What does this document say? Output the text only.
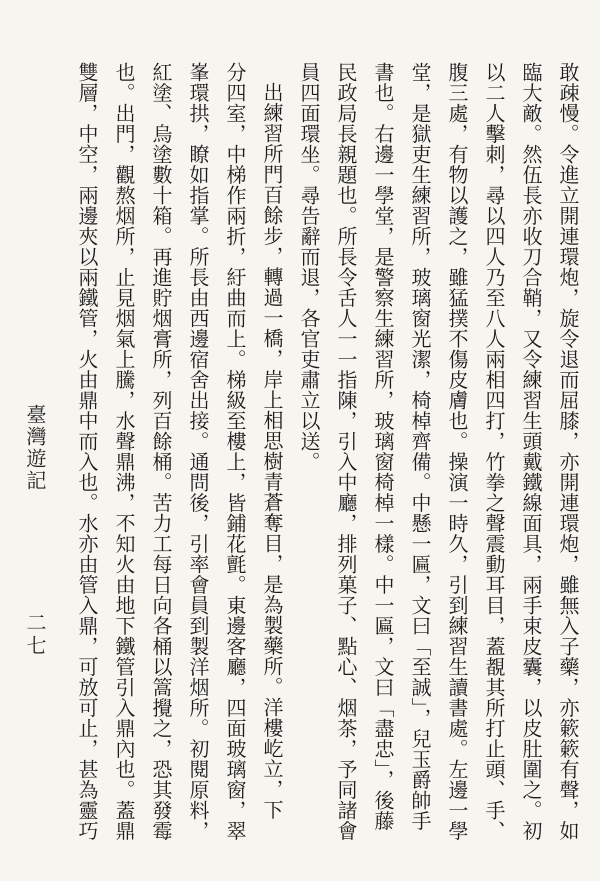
敢疎慢。令進立開連環炮，旋令退而屈膝，亦開連環炮，雖無入子藥，亦簌簌有聲，如
臨大敵。然伍長亦收刀合鞘，又令練習生頭戴鐵線面具，兩手束皮囊，以皮肚圍之。初
以二人擊刺，尋以四人乃至八人兩相四打，竹拳之聲震動耳目，蓋覩其所打止頭、手、
腹三處，有物以護之，雖猛撲不傷皮膚也。操演一時久，引到練習生讀書處。左邊一學
堂，是獄吏生練習所，玻璃窗光潔，椅棹齊備。中懸一匾，文曰「至誠」，兒玉爵帥手
書也。右邊一學堂，是警察生練習所，玻璃窗椅棹一樣。中一匾，文曰「盡忠」，後藤
民政局長親題也。所長令舌人一一指陳，引入中廳，排列菓子、點心、烟茶，予同諸會
員四面環坐。尋告辭而退，各官吏肅立以送。
出練習所門百餘步，轉過一橋，岸上相思樹青蒼奪目，是為製藥所。洋樓屹立，下
分四室，中梯作兩折，紆曲而上。梯級至樓上，皆鋪花氈。東邊客廳，四面玻璃窗，翠
峯環拱，瞭如指掌。所長由西邊宿舍出接。通問後，引率會員到製洋烟所。初閱原料，
紅塗、烏塗數十箱。再進貯烟膏所，列百餘桶。苦力工每日向各桶以篙攪之，恐其發霉
也。出門，觀熬烟所，止見烟氣上騰，水聲鼎沸，不知火由地下鐵管引入鼎內也。蓋鼎
雙層，中空，兩邊夾以兩鐵管，火由鼎中而入也。水亦由管入鼎，可放可止，甚為靈巧
臺灣遊記
二七
